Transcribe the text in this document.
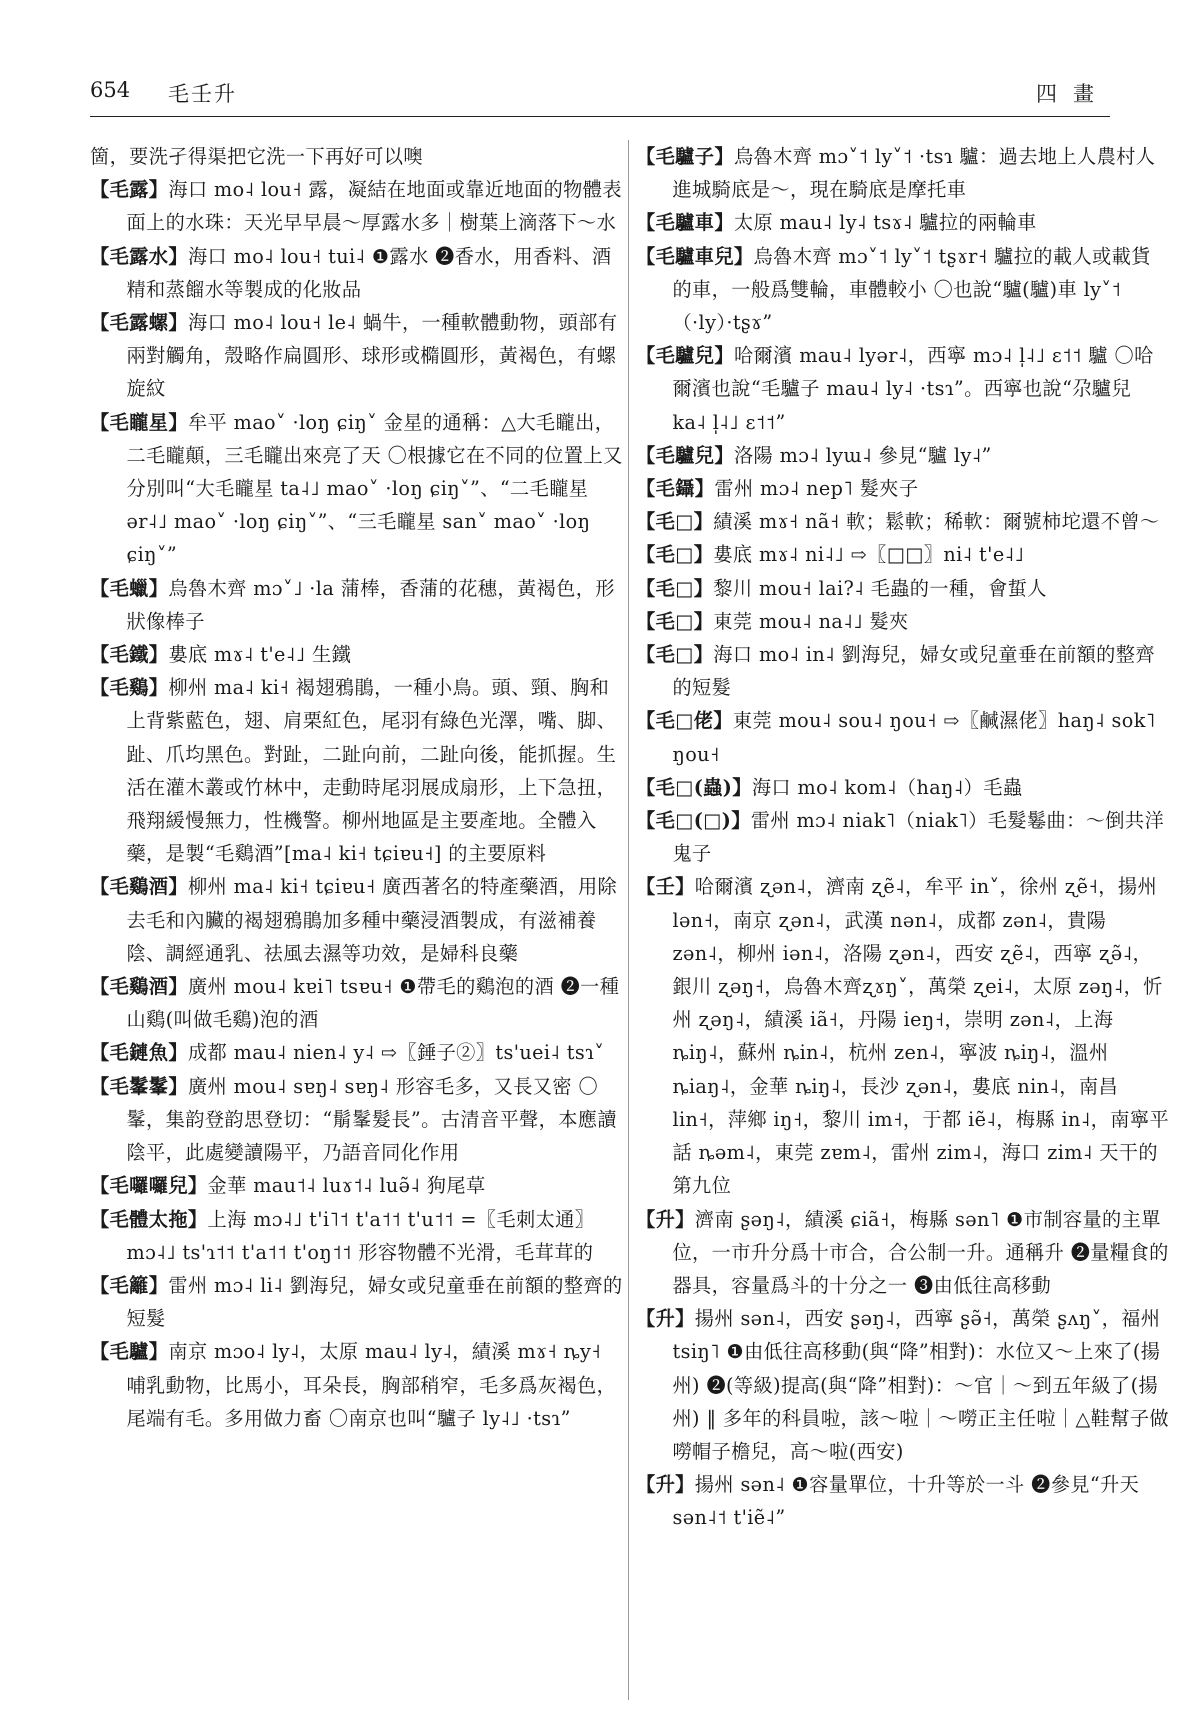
654 毛壬升	四畫

箇，要洗孑得渠把它洗一下再好可以噢

【毛露】海口 mo˨ lou˧ 露，凝結在地面或靠近地面的物體表面上的水珠：天光早早晨～厚露水多｜樹葉上滴落下～水

【毛露水】海口 mo˨ lou˧ tui˨ ❶露水 ❷香水，用香料、酒精和蒸餾水等製成的化妝品

【毛露螺】海口 mo˨ lou˧ le˨ 蝸牛，一種軟體動物，頭部有兩對觸角，殼略作扁圓形、球形或橢圓形，黃褐色，有螺旋紋

【毛矓星】牟平 mao˅ ·loŋ ɕiŋ˅ 金星的通稱：△大毛矓出，二毛矓顛，三毛矓出來亮了天 〇根據它在不同的位置上又分別叫“大毛矓星 ta˨˩ mao˅ ·loŋ ɕiŋ˅”、“二毛矓星 ər˨˩ mao˅ ·loŋ ɕiŋ˅”、“三毛矓星 san˅ mao˅ ·loŋ ɕiŋ˅”

【毛蠟】烏魯木齊 mɔ˅˩ ·la 蒲棒，香蒲的花穗，黃褐色，形狀像棒子

【毛鐵】婁底 mɤ˨ t'e˨˩ 生鐵

【毛鷄】柳州 ma˨ ki˧ 褐翅鴉鵑，一種小鳥。頭、頸、胸和上背紫藍色，翅、肩栗紅色，尾羽有綠色光澤，嘴、脚、趾、爪均黑色。對趾，二趾向前，二趾向後，能抓握。生活在灌木叢或竹林中，走動時尾羽展成扇形，上下急扭，飛翔緩慢無力，性機警。柳州地區是主要產地。全體入藥，是製“毛鷄酒”[ma˨ ki˧ tɕiɐu˧] 的主要原料

【毛鷄酒】柳州 ma˨ ki˧ tɕiɐu˧ 廣西著名的特產藥酒，用除去毛和內臟的褐翅鴉鵑加多種中藥浸酒製成，有滋補養陰、調經通乳、祛風去濕等功效，是婦科良藥

【毛鷄酒】廣州 mou˨ kɐi˥ tsɐu˧ ❶帶毛的鷄泡的酒 ❷一種山鷄(叫做毛鷄)泡的酒

【毛鏈魚】成都 mau˨ nien˨ y˨ ⇨〖錘子②〗ts'uei˨ tsɿ˅

【毛髼髼】廣州 mou˨ sɐŋ˨ sɐŋ˨ 形容毛多，又長又密 〇髼，集韵登韵思登切：“鬅髼髮長”。古清音平聲，本應讀陰平，此處變讀陽平，乃語音同化作用

【毛囉囉兒】金華 mau˦˨ luɤ˦˨ luə̃˨ 狗尾草

【毛體太拖】上海 mɔ˨˩ t'i˥˦ t'a˦˦ t'u˦˦ =〖毛刺太通〗mɔ˨˩ ts'ɿ˦˦ t'a˦˦ t'oŋ˦˦ 形容物體不光滑，毛茸茸的

【毛籬】雷州 mɔ˨ li˨ 劉海兒，婦女或兒童垂在前額的整齊的短髮

【毛驢】南京 mɔo˨ ly˨，太原 mau˨ ly˨，績溪 mɤ˧ ȵy˧ 哺乳動物，比馬小，耳朵長，胸部稍窄，毛多爲灰褐色，尾端有毛。多用做力畜 〇南京也叫“驢子 ly˨˩ ·tsɿ”

【毛驢子】烏魯木齊 mɔ˅˦ ly˅˦ ·tsɿ 驢：過去地上人農村人進城騎底是～，現在騎底是摩托車

【毛驢車】太原 mau˨ ly˨ tsɤ˨ 驢拉的兩輪車

【毛驢車兒】烏魯木齊 mɔ˅˦ ly˅˦ tʂɤr˧ 驢拉的載人或載貨的車，一般爲雙輪，車體較小 〇也說“驢(驢)車 ly˅˦（·ly）·tʂɤ”

【毛驢兒】哈爾濱 mau˨ lyər˨，西寧 mɔ˨ l̩˨˩ ɛ˦˦ 驢 〇哈爾濱也說“毛驢子 mau˨ ly˨ ·tsɿ”。西寧也說“尕驢兒 ka˨ l̩˨˩ ɛ˦˦”

【毛驢兒】洛陽 mɔ˨ lyɯ˨ 參見“驢 ly˨”

【毛鑷】雷州 mɔ˨ nep˥ 髮夾子

【毛□】績溪 mɤ˧ nã˧ 軟；鬆軟；稀軟：爾號柿坨還不曾～

【毛□】婁底 mɤ˨ ni˨˩ ⇨〖□□〗ni˨ t'e˨˩

【毛□】黎川 mou˧ lai?˨ 毛蟲的一種，會蜇人

【毛□】東莞 mou˨ na˨˩ 髮夾

【毛□】海口 mo˨ in˨ 劉海兒，婦女或兒童垂在前額的整齊的短髮

【毛□佬】東莞 mou˨ sou˨ ŋou˧ ⇨〖鹹濕佬〗haŋ˨ sok˥ ŋou˧

【毛□(蟲)】海口 mo˨ kom˨（haŋ˨）毛蟲

【毛□(□)】雷州 mɔ˨ niak˥（niak˥）毛髮鬈曲：～倒共洋鬼子

【壬】哈爾濱 ʐən˨，濟南 ʐẽ˨，牟平 in˅，徐州 ʐẽ˧，揚州 lən˧，南京 ʐən˨，武漢 nən˨，成都 zən˨，貴陽 zən˨，柳州 iən˨，洛陽 ʐən˨，西安 ʐẽ˨，西寧 ʐə̃˨，銀川 ʐəŋ˧，烏魯木齊ʐɤŋ˅，萬榮 ʐei˨，太原 zəŋ˨，忻州 ʐəŋ˨，績溪 iã˧，丹陽 ieŋ˧，崇明 zən˨，上海 ȵiŋ˨，蘇州 ȵin˨，杭州 zen˨，寧波 ȵiŋ˨，溫州 ȵiaŋ˨，金華 ȵiŋ˨，長沙 ʐən˨，婁底 nin˨，南昌 lin˧，萍鄉 iŋ˧，黎川 im˧，于都 iẽ˨，梅縣 in˨，南寧平話 ȵəm˨，東莞 zɐm˨，雷州 zim˨，海口 zim˨ 天干的第九位

【升】濟南 ʂəŋ˨，績溪 ɕiã˧，梅縣 sən˥ ❶市制容量的主單位，一市升分爲十市合，合公制一升。通稱升 ❷量糧食的器具，容量爲斗的十分之一 ❸由低往高移動

【升】揚州 sən˨，西安 ʂəŋ˨，西寧 ʂə̃˧，萬榮 ʂʌŋ˅，福州 tsiŋ˥ ❶由低往高移動(與“降”相對)：水位又～上來了(揚州) ❷(等級)提高(與“降”相對)：～官｜～到五年級了(揚州) ‖ 多年的科員啦，該～啦｜～嘮正主任啦｜△鞋幫子做嘮帽子檐兒，高～啦(西安)

【升】揚州 sən˨ ❶容量單位，十升等於一斗 ❷參見“升天 sən˨˦ t'iẽ˨”
